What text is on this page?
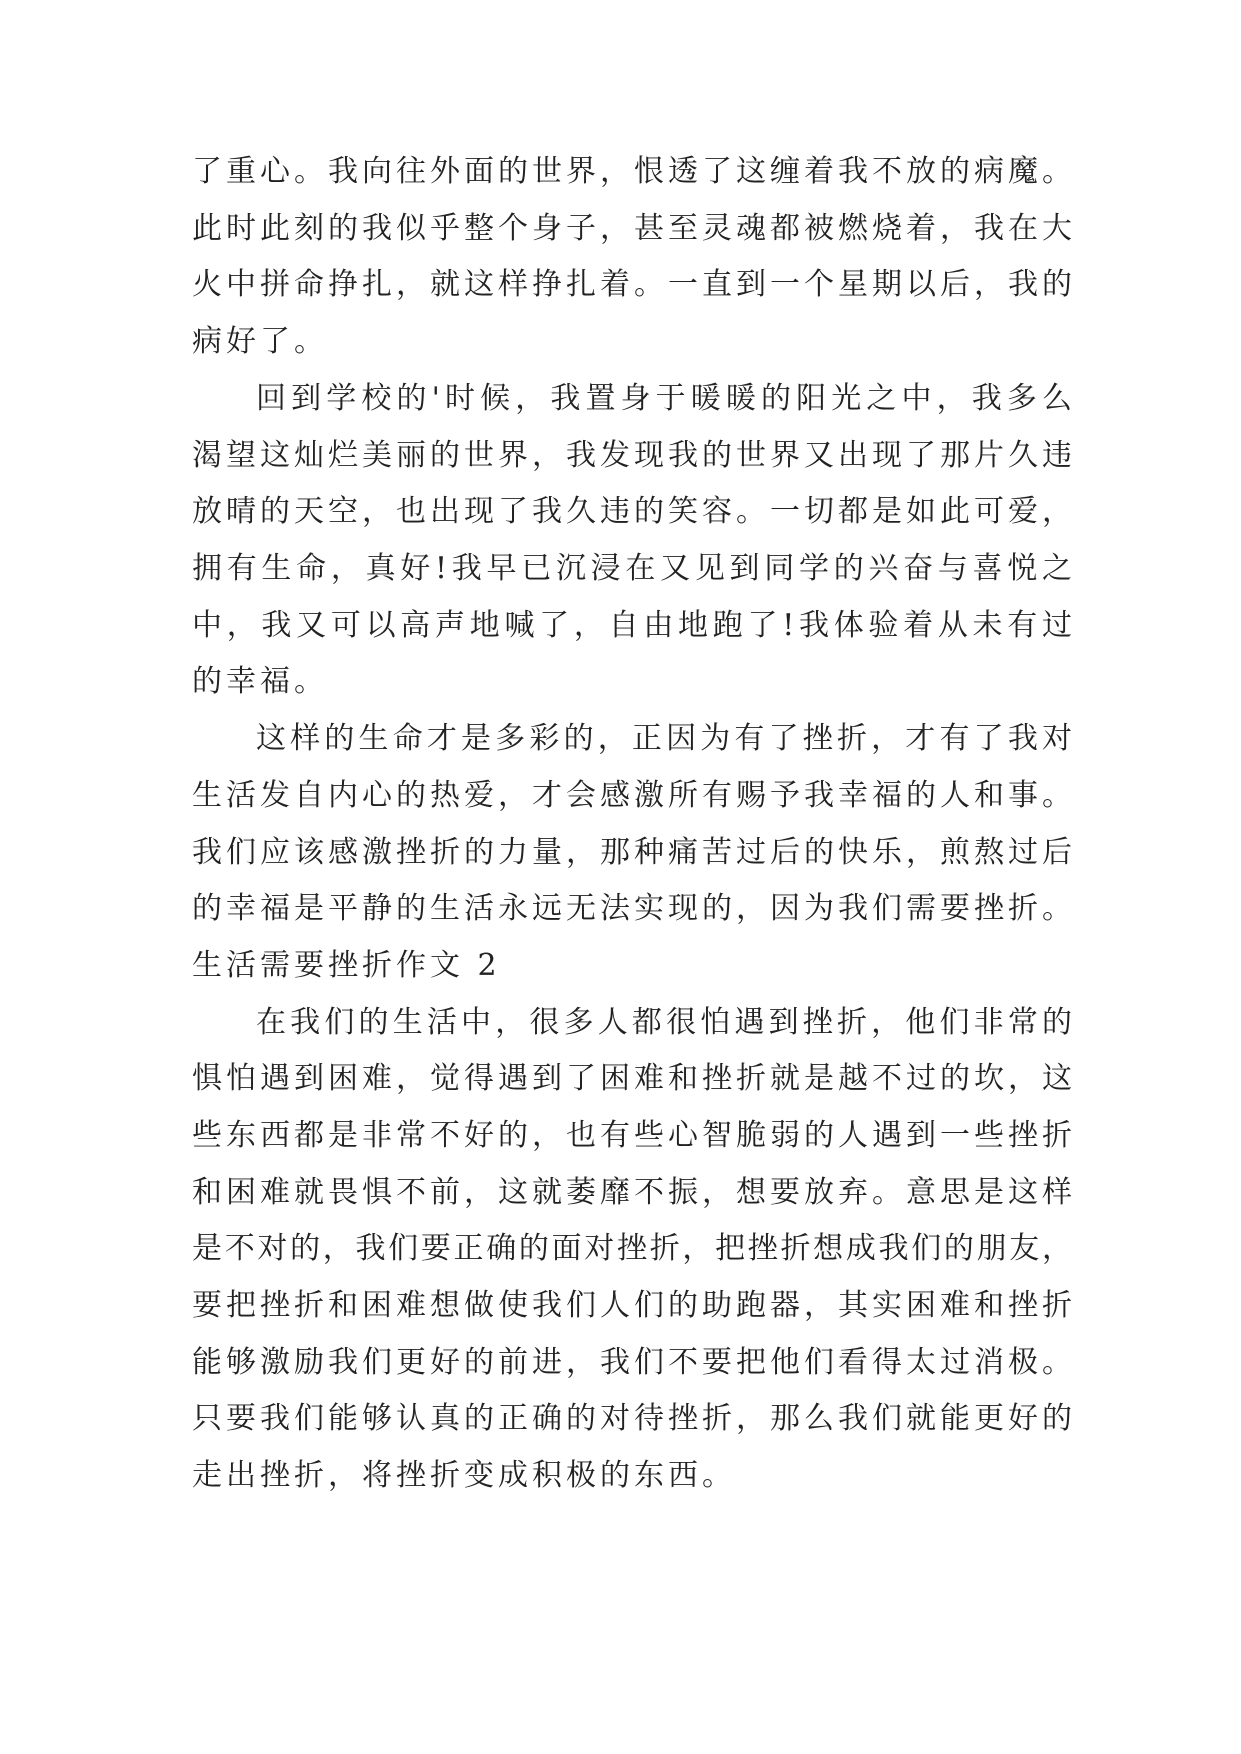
了重心。我向往外面的世界，恨透了这缠着我不放的病魔。
此时此刻的我似乎整个身子，甚至灵魂都被燃烧着，我在大
火中拼命挣扎，就这样挣扎着。一直到一个星期以后，我的
病好了。
回到学校的'时候，我置身于暖暖的阳光之中，我多么
渴望这灿烂美丽的世界，我发现我的世界又出现了那片久违
放晴的天空，也出现了我久违的笑容。一切都是如此可爱，
拥有生命，真好!我早已沉浸在又见到同学的兴奋与喜悦之
中，我又可以高声地喊了，自由地跑了!我体验着从未有过
的幸福。
这样的生命才是多彩的，正因为有了挫折，才有了我对
生活发自内心的热爱，才会感激所有赐予我幸福的人和事。
我们应该感激挫折的力量，那种痛苦过后的快乐，煎熬过后
的幸福是平静的生活永远无法实现的，因为我们需要挫折。
生活需要挫折作文 2
在我们的生活中，很多人都很怕遇到挫折，他们非常的
惧怕遇到困难，觉得遇到了困难和挫折就是越不过的坎，这
些东西都是非常不好的，也有些心智脆弱的人遇到一些挫折
和困难就畏惧不前，这就萎靡不振，想要放弃。意思是这样
是不对的，我们要正确的面对挫折，把挫折想成我们的朋友，
要把挫折和困难想做使我们人们的助跑器，其实困难和挫折
能够激励我们更好的前进，我们不要把他们看得太过消极。
只要我们能够认真的正确的对待挫折，那么我们就能更好的
走出挫折，将挫折变成积极的东西。
